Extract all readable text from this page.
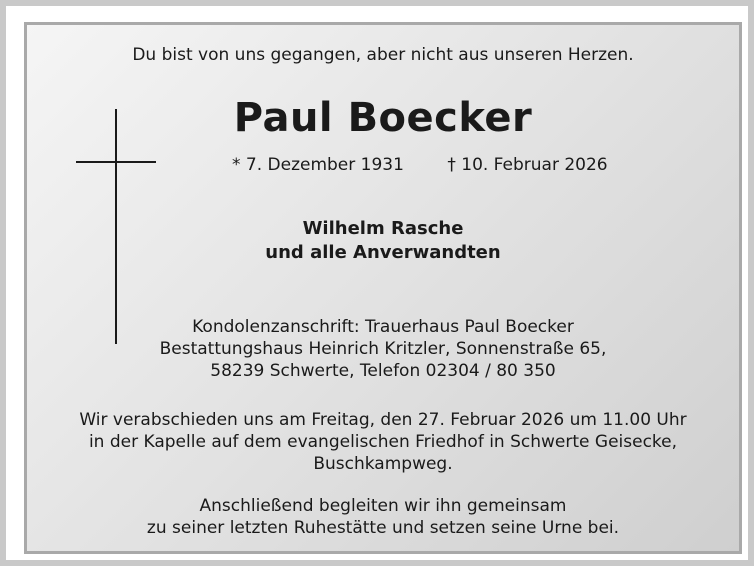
Du bist von uns gegangen, aber nicht aus unseren Herzen.
Paul Boecker
* 7. Dezember 1931	† 10. Februar 2026
Wilhelm Rasche
und alle Anverwandten
Kondolenzanschrift: Trauerhaus Paul Boecker
Bestattungshaus Heinrich Kritzler, Sonnenstraße 65,
58239 Schwerte, Telefon 02304 / 80 350
Wir verabschieden uns am Freitag, den 27. Februar 2026 um 11.00 Uhr
in der Kapelle auf dem evangelischen Friedhof in Schwerte Geisecke,
Buschkampweg.
Anschließend begleiten wir ihn gemeinsam
zu seiner letzten Ruhestätte und setzen seine Urne bei.
